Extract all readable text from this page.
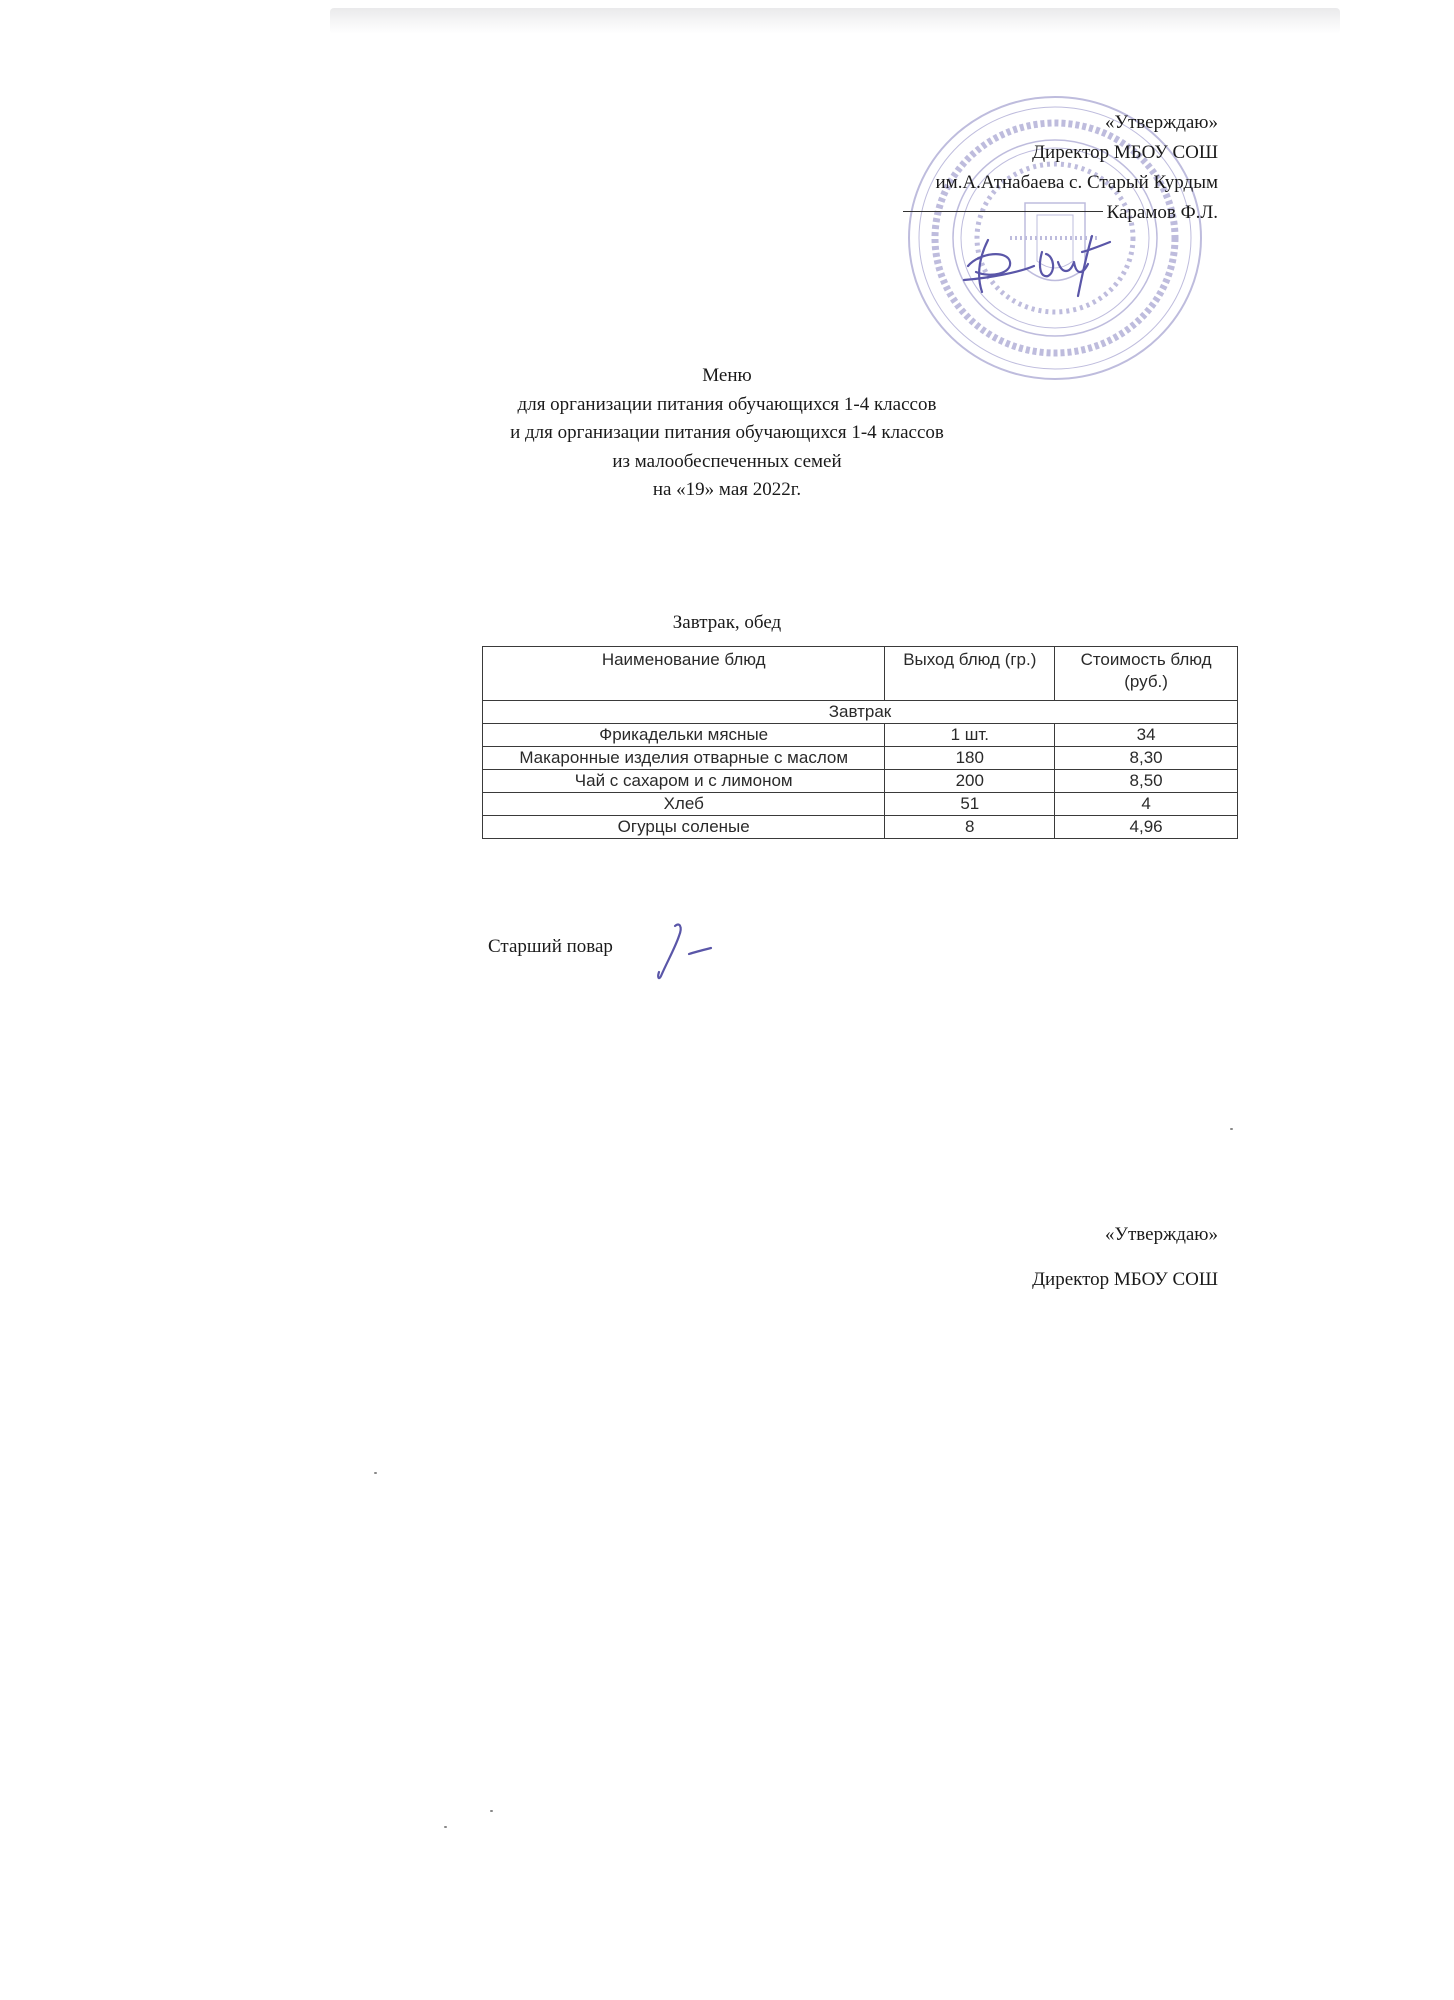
«Утверждаю»
Директор МБОУ СОШ
им.А.Атнабаева с. Старый Курдым
Карамов Ф.Л.
Меню
для организации питания обучающихся 1-4 классов
и для организации питания обучающихся 1-4 классов
из малообеспеченных семей
на «19» мая 2022г.
Завтрак, обед
Наименование блюд	Выход блюд (гр.)	Стоимость блюд (руб.)
Завтрак		
Фрикадельки мясные	1 шт.	34
Макаронные изделия отварные с маслом	180	8,30
Чай с сахаром и с лимоном	200	8,50
Хлеб	51	4
Огурцы соленые	8	4,96
Старший повар
«Утверждаю»
Директор МБОУ СОШ
